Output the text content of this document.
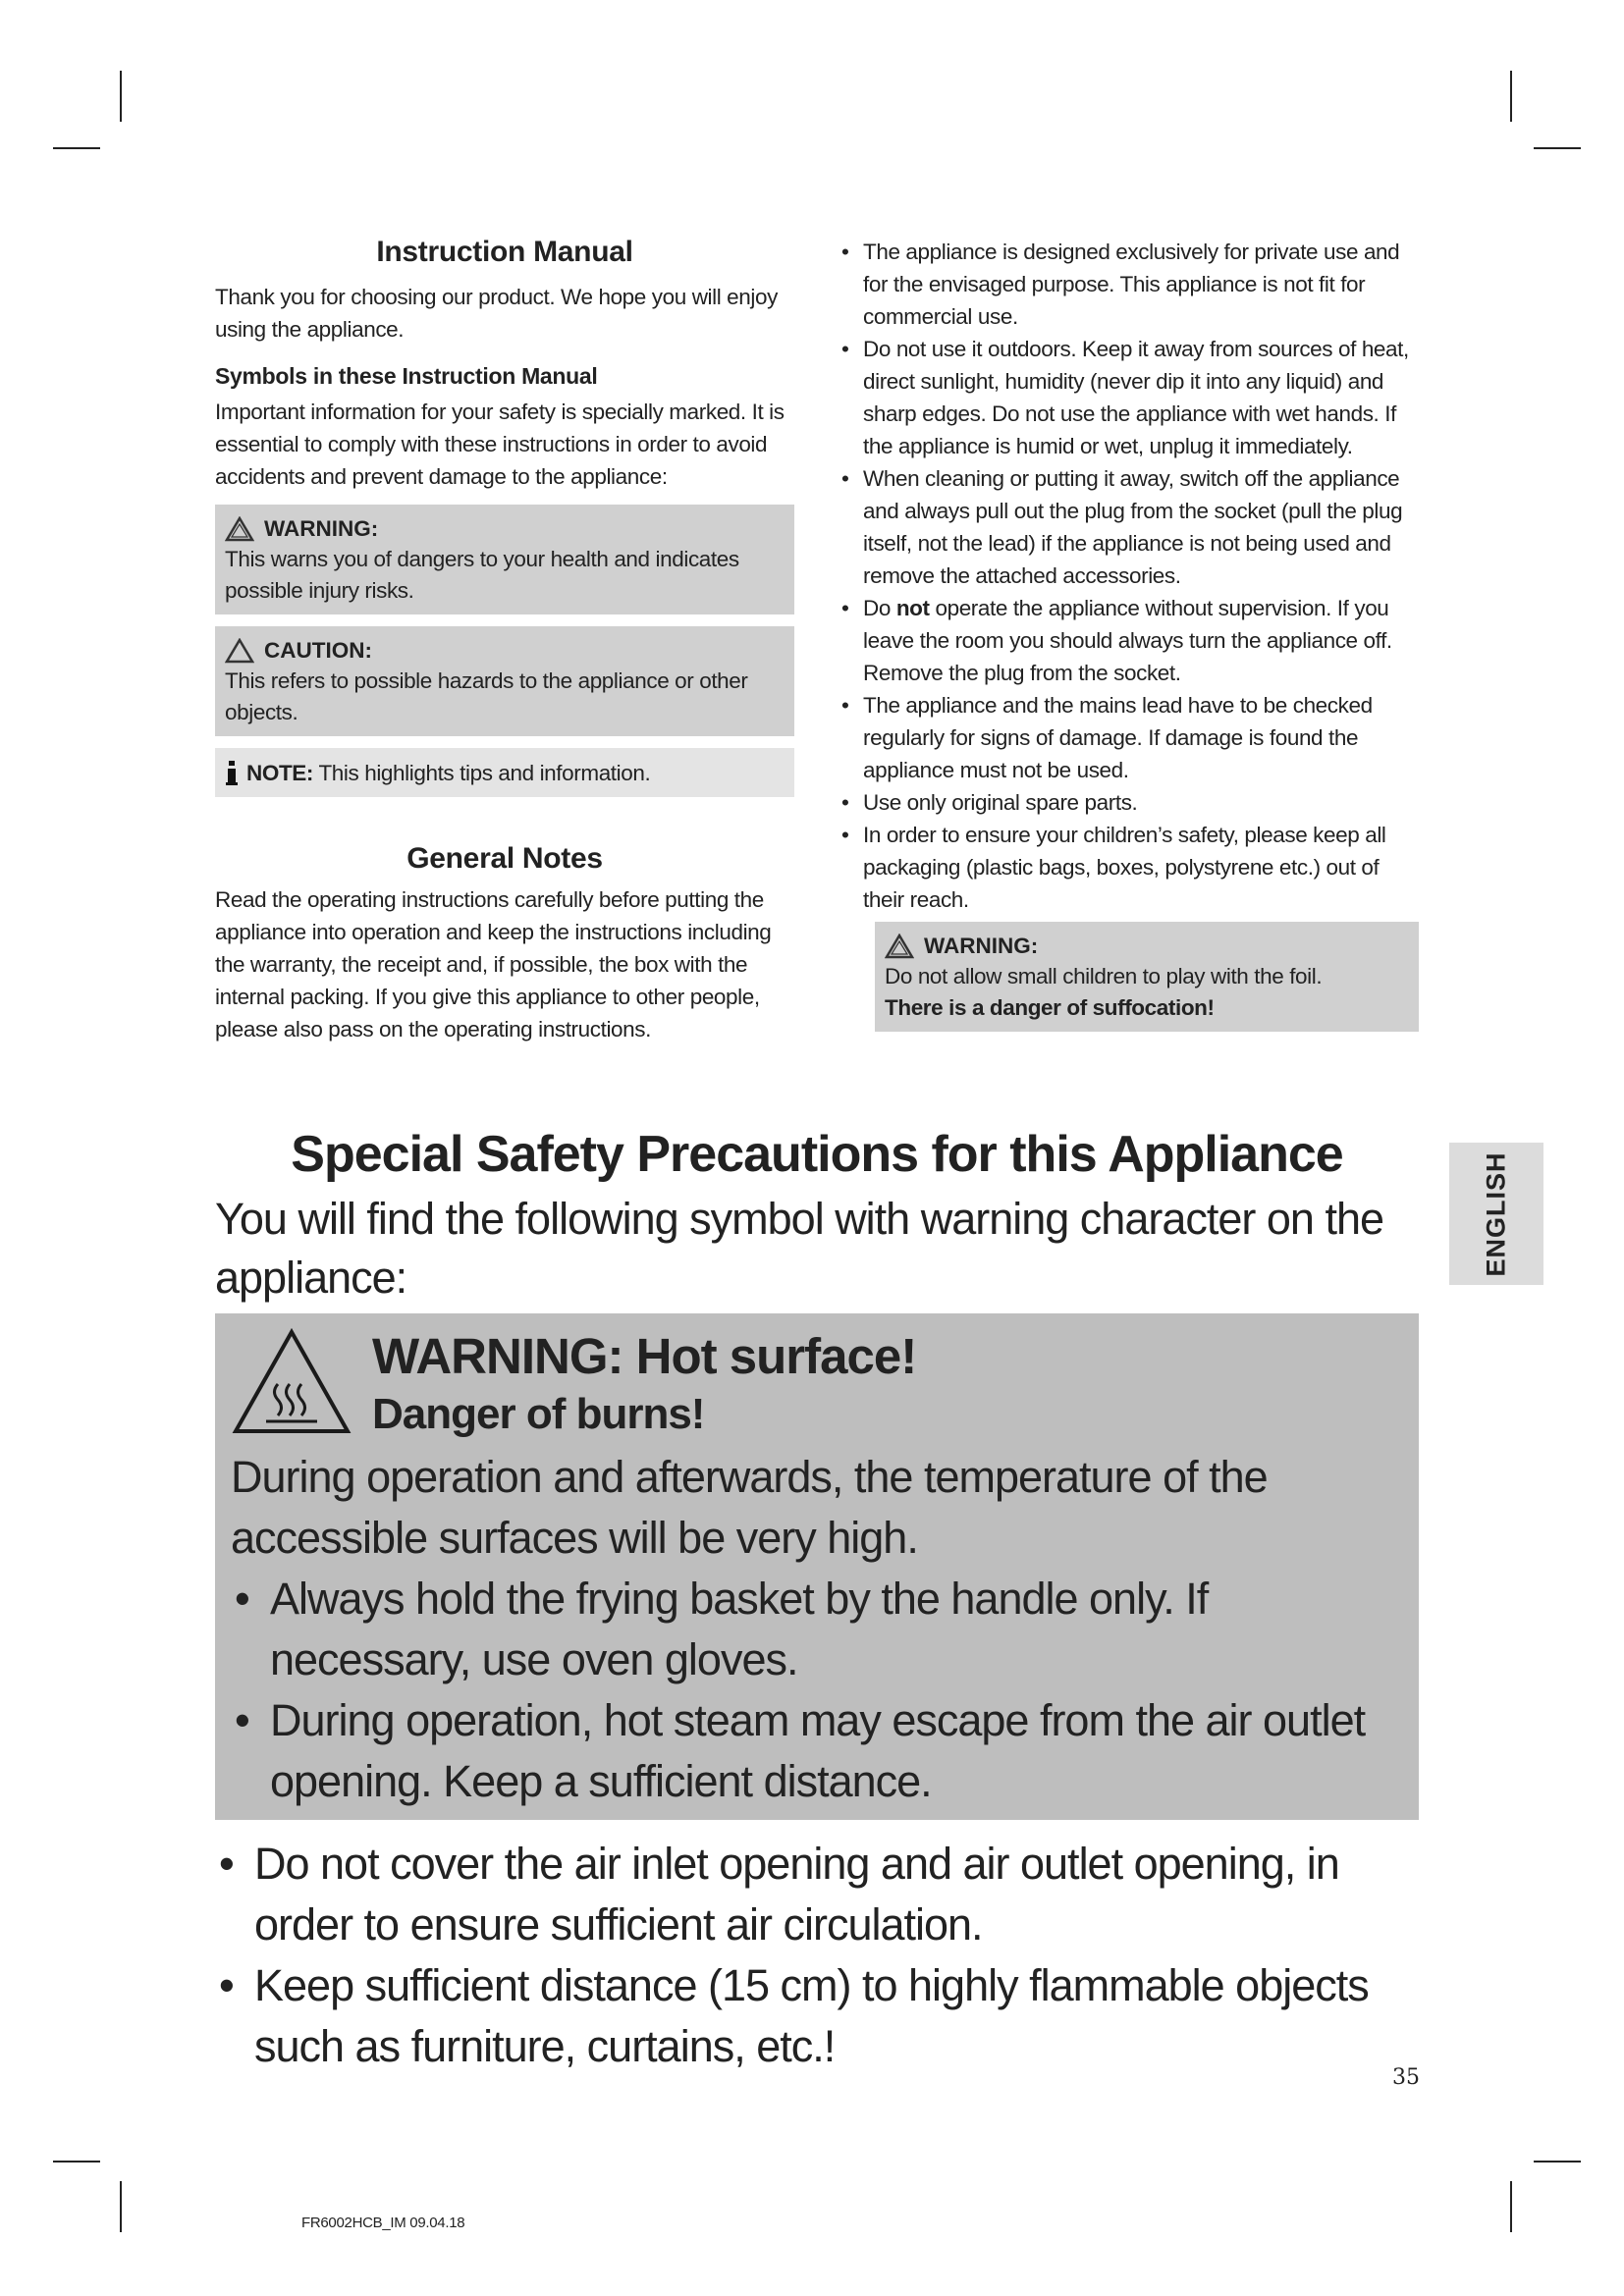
Instruction Manual

Thank you for choosing our product. We hope you will enjoy using the appliance.

Symbols in these Instruction Manual

Important information for your safety is specially marked. It is essential to comply with these instructions in order to avoid accidents and prevent damage to the appliance:

WARNING:

This warns you of dangers to your health and indicates possible injury risks.

CAUTION:

This refers to possible hazards to the appliance or other objects.

NOTE: This highlights tips and information.
General Notes

Read the operating instructions carefully before putting the appliance into operation and keep the instructions including the warranty, the receipt and, if possible, the box with the internal packing. If you give this appliance to other people, please also pass on the operating instructions.

• The appliance is designed exclusively for private use and for the envisaged purpose. This appliance is not fit for commercial use.
• Do not use it outdoors. Keep it away from sources of heat, direct sunlight, humidity (never dip it into any liquid) and sharp edges. Do not use the appliance with wet hands. If the appliance is humid or wet, unplug it immediately.
• When cleaning or putting it away, switch off the appliance and always pull out the plug from the socket (pull the plug itself, not the lead) if the appliance is not being used and remove the attached accessories.
• Do not operate the appliance without supervision. If you leave the room you should always turn the appliance off. Remove the plug from the socket.
• The appliance and the mains lead have to be checked regularly for signs of damage. If damage is found the appliance must not be used.
• Use only original spare parts.
• In order to ensure your children’s safety, please keep all packaging (plastic bags, boxes, polystyrene etc.) out of their reach.
WARNING:

Do not allow small children to play with the foil.

There is a danger of suffocation!

ENGLISH
Special Safety Precautions for this Appliance

You will find the following symbol with warning character on the appliance:

WARNING: Hot surface!
Danger of burns!

During operation and afterwards, the temperature of the accessible surfaces will be very high.

• Always hold the frying basket by the handle only. If necessary, use oven gloves.
• During operation, hot steam may escape from the air outlet opening. Keep a sufficient distance.
• Do not cover the air inlet opening and air outlet opening, in order to ensure sufficient air circulation.
• Keep sufficient distance (15 cm) to highly flammable objects such as furniture, curtains, etc.!
35
FR6002HCB_IM 09.04.18
